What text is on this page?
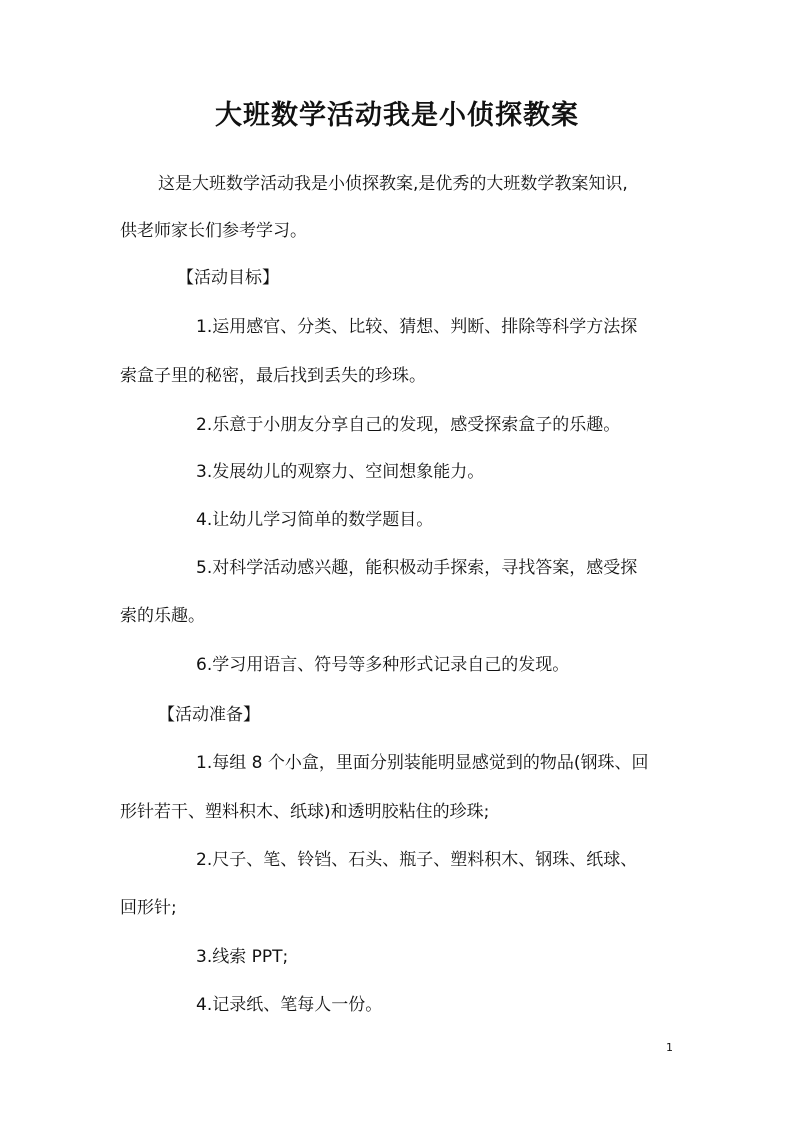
大班数学活动我是小侦探教案

这是大班数学活动我是小侦探教案,是优秀的大班数学教案知识,

供老师家长们参考学习。

【活动目标】

1.运用感官、分类、比较、猜想、判断、排除等科学方法探

索盒子里的秘密，最后找到丢失的珍珠。

2.乐意于小朋友分享自己的发现，感受探索盒子的乐趣。

3.发展幼儿的观察力、空间想象能力。

4.让幼儿学习简单的数学题目。

5.对科学活动感兴趣，能积极动手探索，寻找答案，感受探

索的乐趣。

6.学习用语言、符号等多种形式记录自己的发现。

【活动准备】

1.每组 8 个小盒，里面分别装能明显感觉到的物品(钢珠、回

形针若干、塑料积木、纸球)和透明胶粘住的珍珠;

2.尺子、笔、铃铛、石头、瓶子、塑料积木、钢珠、纸球、

回形针;

3.线索 PPT;

4.记录纸、笔每人一份。

1
